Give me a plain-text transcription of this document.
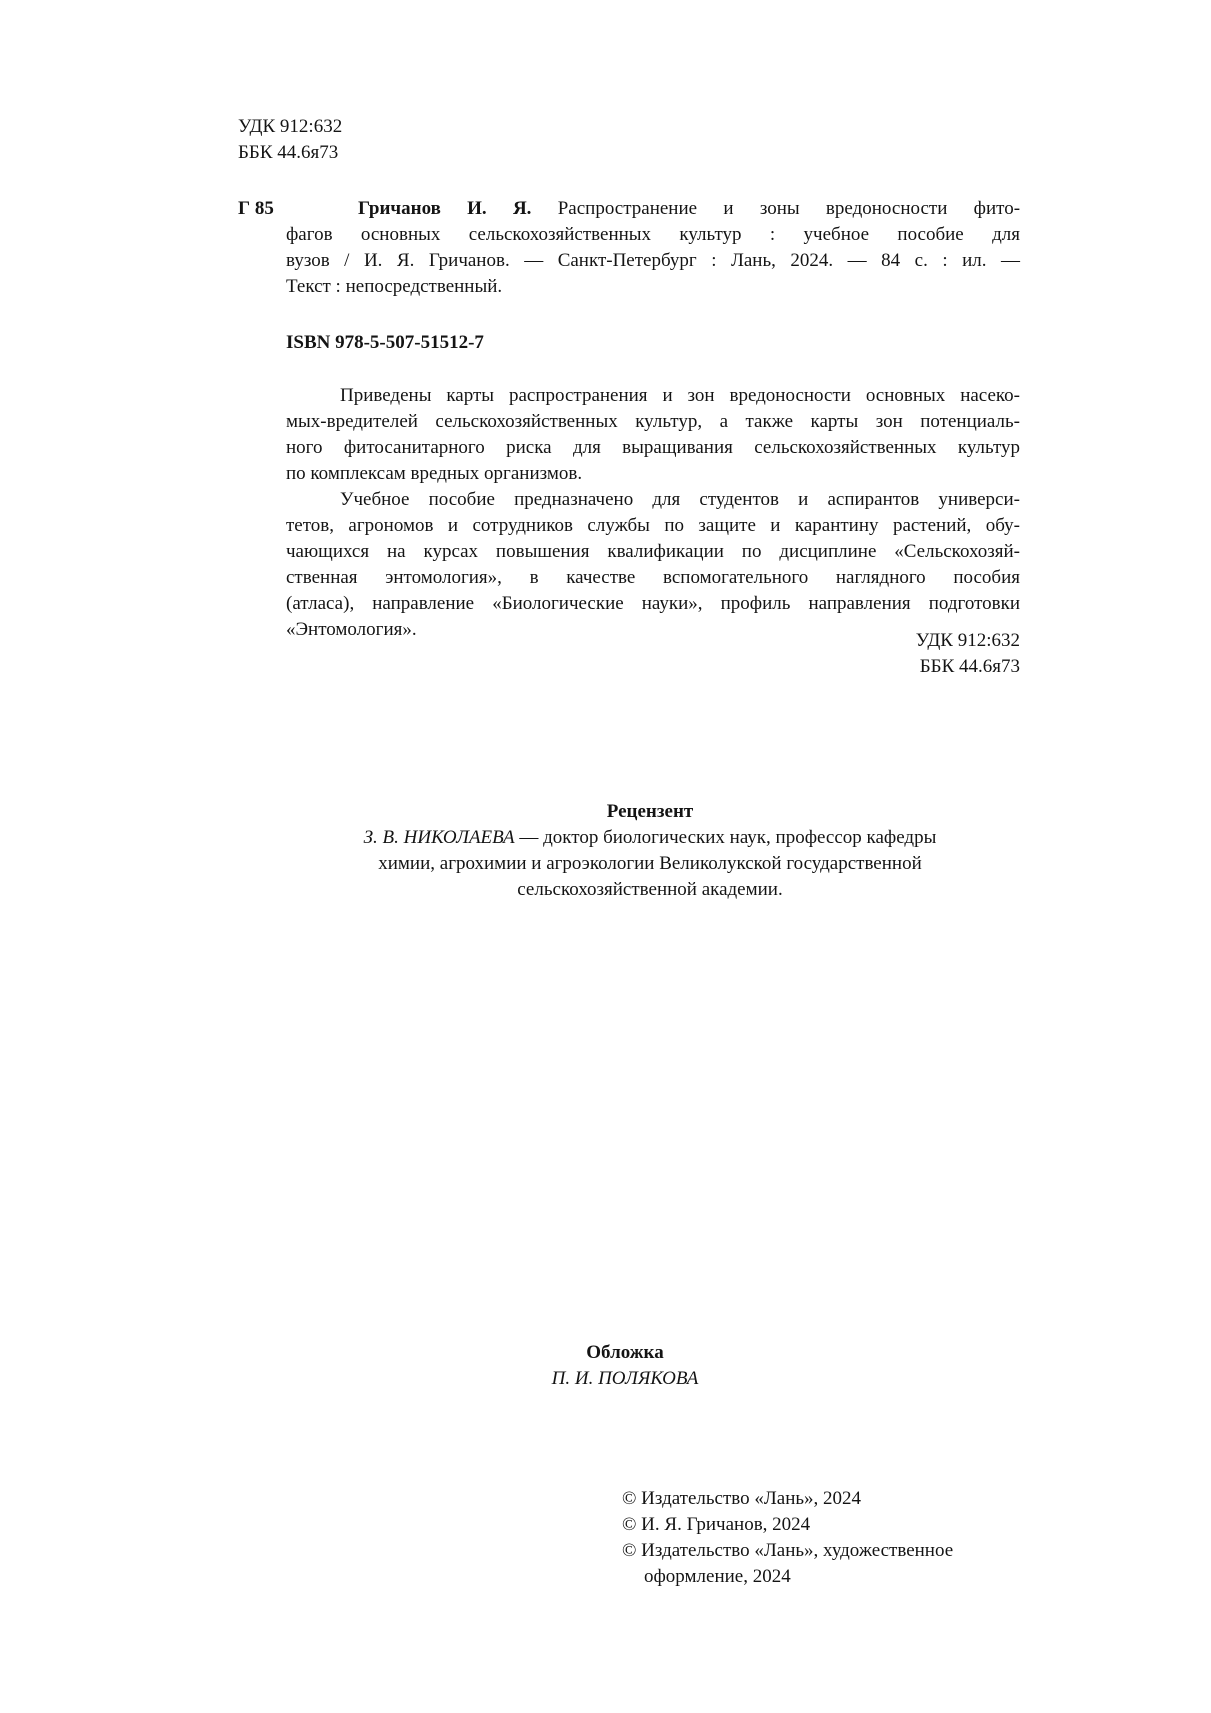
УДК 912:632
ББК 44.6я73
Г 85	Гричанов И. Я. Распространение и зоны вредоносности фито-
фагов основных сельскохозяйственных культур : учебное пособие для
вузов / И. Я. Гричанов. — Санкт-Петербург : Лань, 2024. — 84 с. : ил. —
Текст : непосредственный.
ISBN 978-5-507-51512-7
Приведены карты распространения и зон вредоносности основных насеко-
мых-вредителей сельскохозяйственных культур, а также карты зон потенциаль-
ного фитосанитарного риска для выращивания сельскохозяйственных культур
по комплексам вредных организмов.
Учебное пособие предназначено для студентов и аспирантов универси-
тетов, агрономов и сотрудников службы по защите и карантину растений, обу-
чающихся на курсах повышения квалификации по дисциплине «Сельскохозяй-
ственная энтомология», в качестве вспомогательного наглядного пособия
(атласа), направление «Биологические науки», профиль направления подготовки
«Энтомология».
УДК 912:632
ББК 44.6я73
Рецензент
З. В. НИКОЛАЕВА — доктор биологических наук, профессор кафедры
химии, агрохимии и агроэкологии Великолукской государственной
сельскохозяйственной академии.
Обложка
П. И. ПОЛЯКОВА
© Издательство «Лань», 2024
© И. Я. Гричанов, 2024
© Издательство «Лань», художественное
оформление, 2024
